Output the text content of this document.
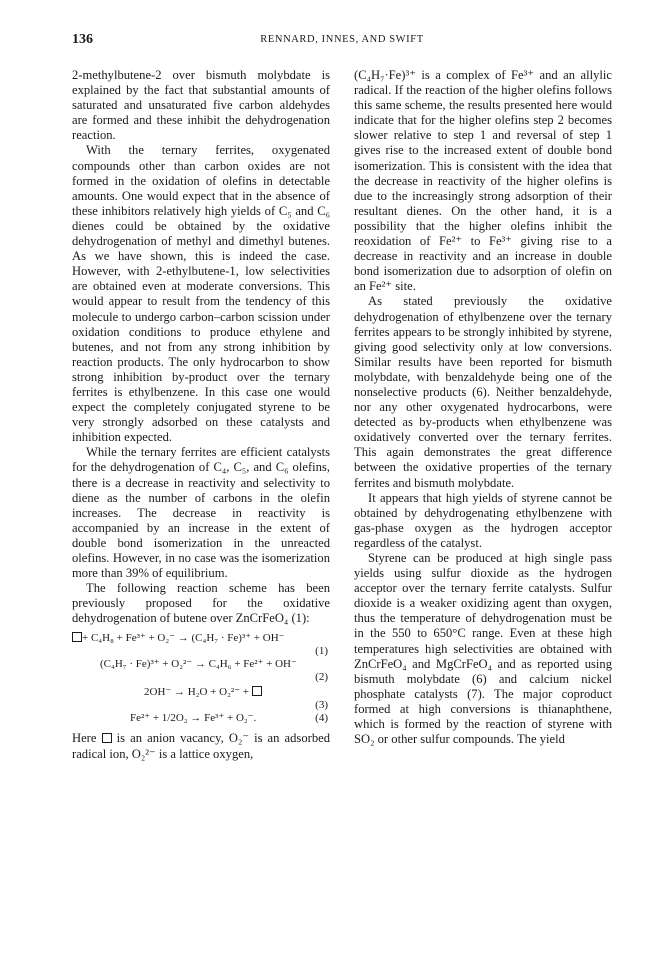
136	RENNARD, INNES, AND SWIFT

2-methylbutene-2 over bismuth molybdate is explained by the fact that substantial amounts of saturated and unsaturated five carbon aldehydes are formed and these inhibit the dehydrogenation reaction.

With the ternary ferrites, oxygenated compounds other than carbon oxides are not formed in the oxidation of olefins in detectable amounts. One would expect that in the absence of these inhibitors relatively high yields of C₅ and C₆ dienes could be obtained by the oxidative dehydrogenation of methyl and dimethyl butenes. As we have shown, this is indeed the case. However, with 2-ethylbutene-1, low selectivities are obtained even at moderate conversions. This would appear to result from the tendency of this molecule to undergo carbon–carbon scission under oxidation conditions to produce ethylene and butenes, and not from any strong inhibition by reaction products. The only hydrocarbon to show strong inhibition by-product over the ternary ferrites is ethylbenzene. In this case one would expect the completely conjugated styrene to be very strongly adsorbed on these catalysts and inhibition expected.

While the ternary ferrites are efficient catalysts for the dehydrogenation of C₄, C₅, and C₆ olefins, there is a decrease in reactivity and selectivity to diene as the number of carbons in the olefin increases. The decrease in reactivity is accompanied by an increase in the extent of double bond isomerization in the unreacted olefins. However, in no case was the isomerization more than 39% of equilibrium.

The following reaction scheme has been previously proposed for the oxidative dehydrogenation of butene over ZnCrFeO₄ (1):

+ C₄H₈ + Fe³⁺ + O₂⁻ → (C₄H₇ · Fe)³⁺ + OH⁻
(1)
(C₄H₇ · Fe)³⁺ + O₂²⁻ → C₄H₆ + Fe²⁺ + OH⁻
(2)
2OH⁻ → H₂O + O₂²⁻ +
(3)
Fe²⁺ + 1/2O₂ → Fe³⁺ + O₂⁻.	(4)

Here is an anion vacancy, O₂⁻ is an adsorbed radical ion, O₂²⁻ is a lattice oxygen,

(C₄H₇·Fe)³⁺ is a complex of Fe³⁺ and an allylic radical. If the reaction of the higher olefins follows this same scheme, the results presented here would indicate that for the higher olefins step 2 becomes slower relative to step 1 and reversal of step 1 gives rise to the increased extent of double bond isomerization. This is consistent with the idea that the decrease in reactivity of the higher olefins is due to the increasingly strong adsorption of their resultant dienes. On the other hand, it is a possibility that the higher olefins inhibit the reoxidation of Fe²⁺ to Fe³⁺ giving rise to a decrease in reactivity and an increase in double bond isomerization due to adsorption of olefin on an Fe²⁺ site.

As stated previously the oxidative dehydrogenation of ethylbenzene over the ternary ferrites appears to be strongly inhibited by styrene, giving good selectivity only at low conversions. Similar results have been reported for bismuth molybdate, with benzaldehyde being one of the nonselective products (6). Neither benzaldehyde, nor any other oxygenated hydrocarbons, were detected as by-products when ethylbenzene was oxidatively converted over the ternary ferrites. This again demonstrates the great difference between the oxidative properties of the ternary ferrites and bismuth molybdate.

It appears that high yields of styrene cannot be obtained by dehydrogenating ethylbenzene with gas-phase oxygen as the hydrogen acceptor regardless of the catalyst.

Styrene can be produced at high single pass yields using sulfur dioxide as the hydrogen acceptor over the ternary ferrite catalysts. Sulfur dioxide is a weaker oxidizing agent than oxygen, thus the temperature of dehydrogenation must be in the 550 to 650°C range. Even at these high temperatures high selectivities are obtained with ZnCrFeO₄ and MgCrFeO₄ and as reported using bismuth molybdate (6) and calcium nickel phosphate catalysts (7). The major coproduct formed at high conversions is thianaphthene, which is formed by the reaction of styrene with SO₂ or other sulfur compounds. The yield
